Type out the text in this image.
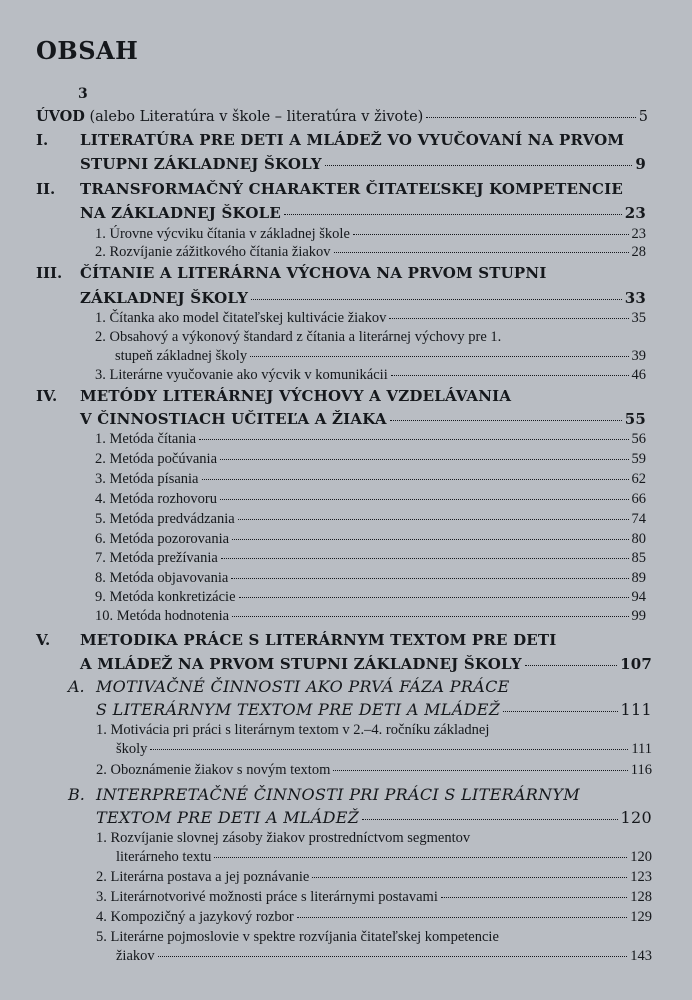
OBSAH
3
ÚVOD (alebo Literatúra v škole – literatúra v živote)	5
I. LITERATÚRA PRE DETI A MLÁDEŽ VO VYUČOVANÍ NA PRVOM
STUPNI ZÁKLADNEJ ŠKOLY	9
II. TRANSFORMAČNÝ CHARAKTER ČITATEĽSKEJ KOMPETENCIE
NA ZÁKLADNEJ ŠKOLE	23
1. Úrovne výcviku čítania v základnej škole	23
2. Rozvíjanie zážitkového čítania žiakov	28
III. ČÍTANIE A LITERÁRNA VÝCHOVA NA PRVOM STUPNI
ZÁKLADNEJ ŠKOLY	33
1. Čítanka ako model čitateľskej kultivácie žiakov	35
2. Obsahový a výkonový štandard z čítania a literárnej výchovy pre 1.
stupeň základnej školy	39
3. Literárne vyučovanie ako výcvik v komunikácii	46
IV. METÓDY LITERÁRNEJ VÝCHOVY A VZDELÁVANIA
V ČINNOSTIACH UČITEĽA A ŽIAKA	55
1. Metóda čítania	56
2. Metóda počúvania	59
3. Metóda písania	62
4. Metóda rozhovoru	66
5. Metóda predvádzania	74
6. Metóda pozorovania	80
7. Metóda prežívania	85
8. Metóda objavovania	89
9. Metóda konkretizácie	94
10. Metóda hodnotenia	99
V. METODIKA PRÁCE S LITERÁRNYM TEXTOM PRE DETI
A MLÁDEŽ NA PRVOM STUPNI ZÁKLADNEJ ŠKOLY	107
A. MOTIVAČNÉ ČINNOSTI AKO PRVÁ FÁZA PRÁCE
S LITERÁRNYM TEXTOM PRE DETI A MLÁDEŽ	111
1. Motivácia pri práci s literárnym textom v 2.–4. ročníku základnej
školy	111
2. Oboznámenie žiakov s novým textom	116
B. INTERPRETAČNÉ ČINNOSTI PRI PRÁCI S LITERÁRNYM
TEXTOM PRE DETI A MLÁDEŽ	120
1. Rozvíjanie slovnej zásoby žiakov prostredníctvom segmentov
literárneho textu	120
2. Literárna postava a jej poznávanie	123
3. Literárnotvorivé možnosti práce s literárnymi postavami	128
4. Kompozičný a jazykový rozbor	129
5. Literárne pojmoslovie v spektre rozvíjania čitateľskej kompetencie
žiakov	143
